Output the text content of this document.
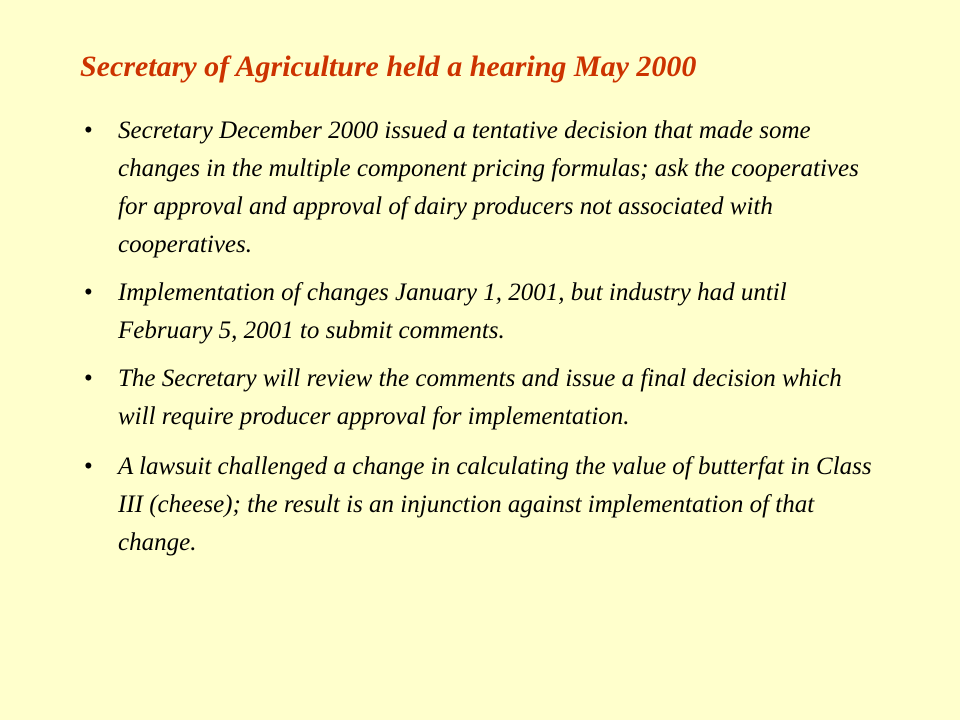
Secretary of Agriculture held a hearing May 2000
• Secretary December 2000 issued a tentative decision that made some changes in the multiple component pricing formulas; ask the cooperatives for approval and approval of dairy producers not associated with cooperatives.
• Implementation of changes January 1, 2001, but industry had until February 5, 2001 to submit comments.
• The Secretary will review the comments and issue a final decision which will require producer approval for implementation.
• A lawsuit challenged a change in calculating the value of butterfat in Class III (cheese); the result is an injunction against implementation of that change.
